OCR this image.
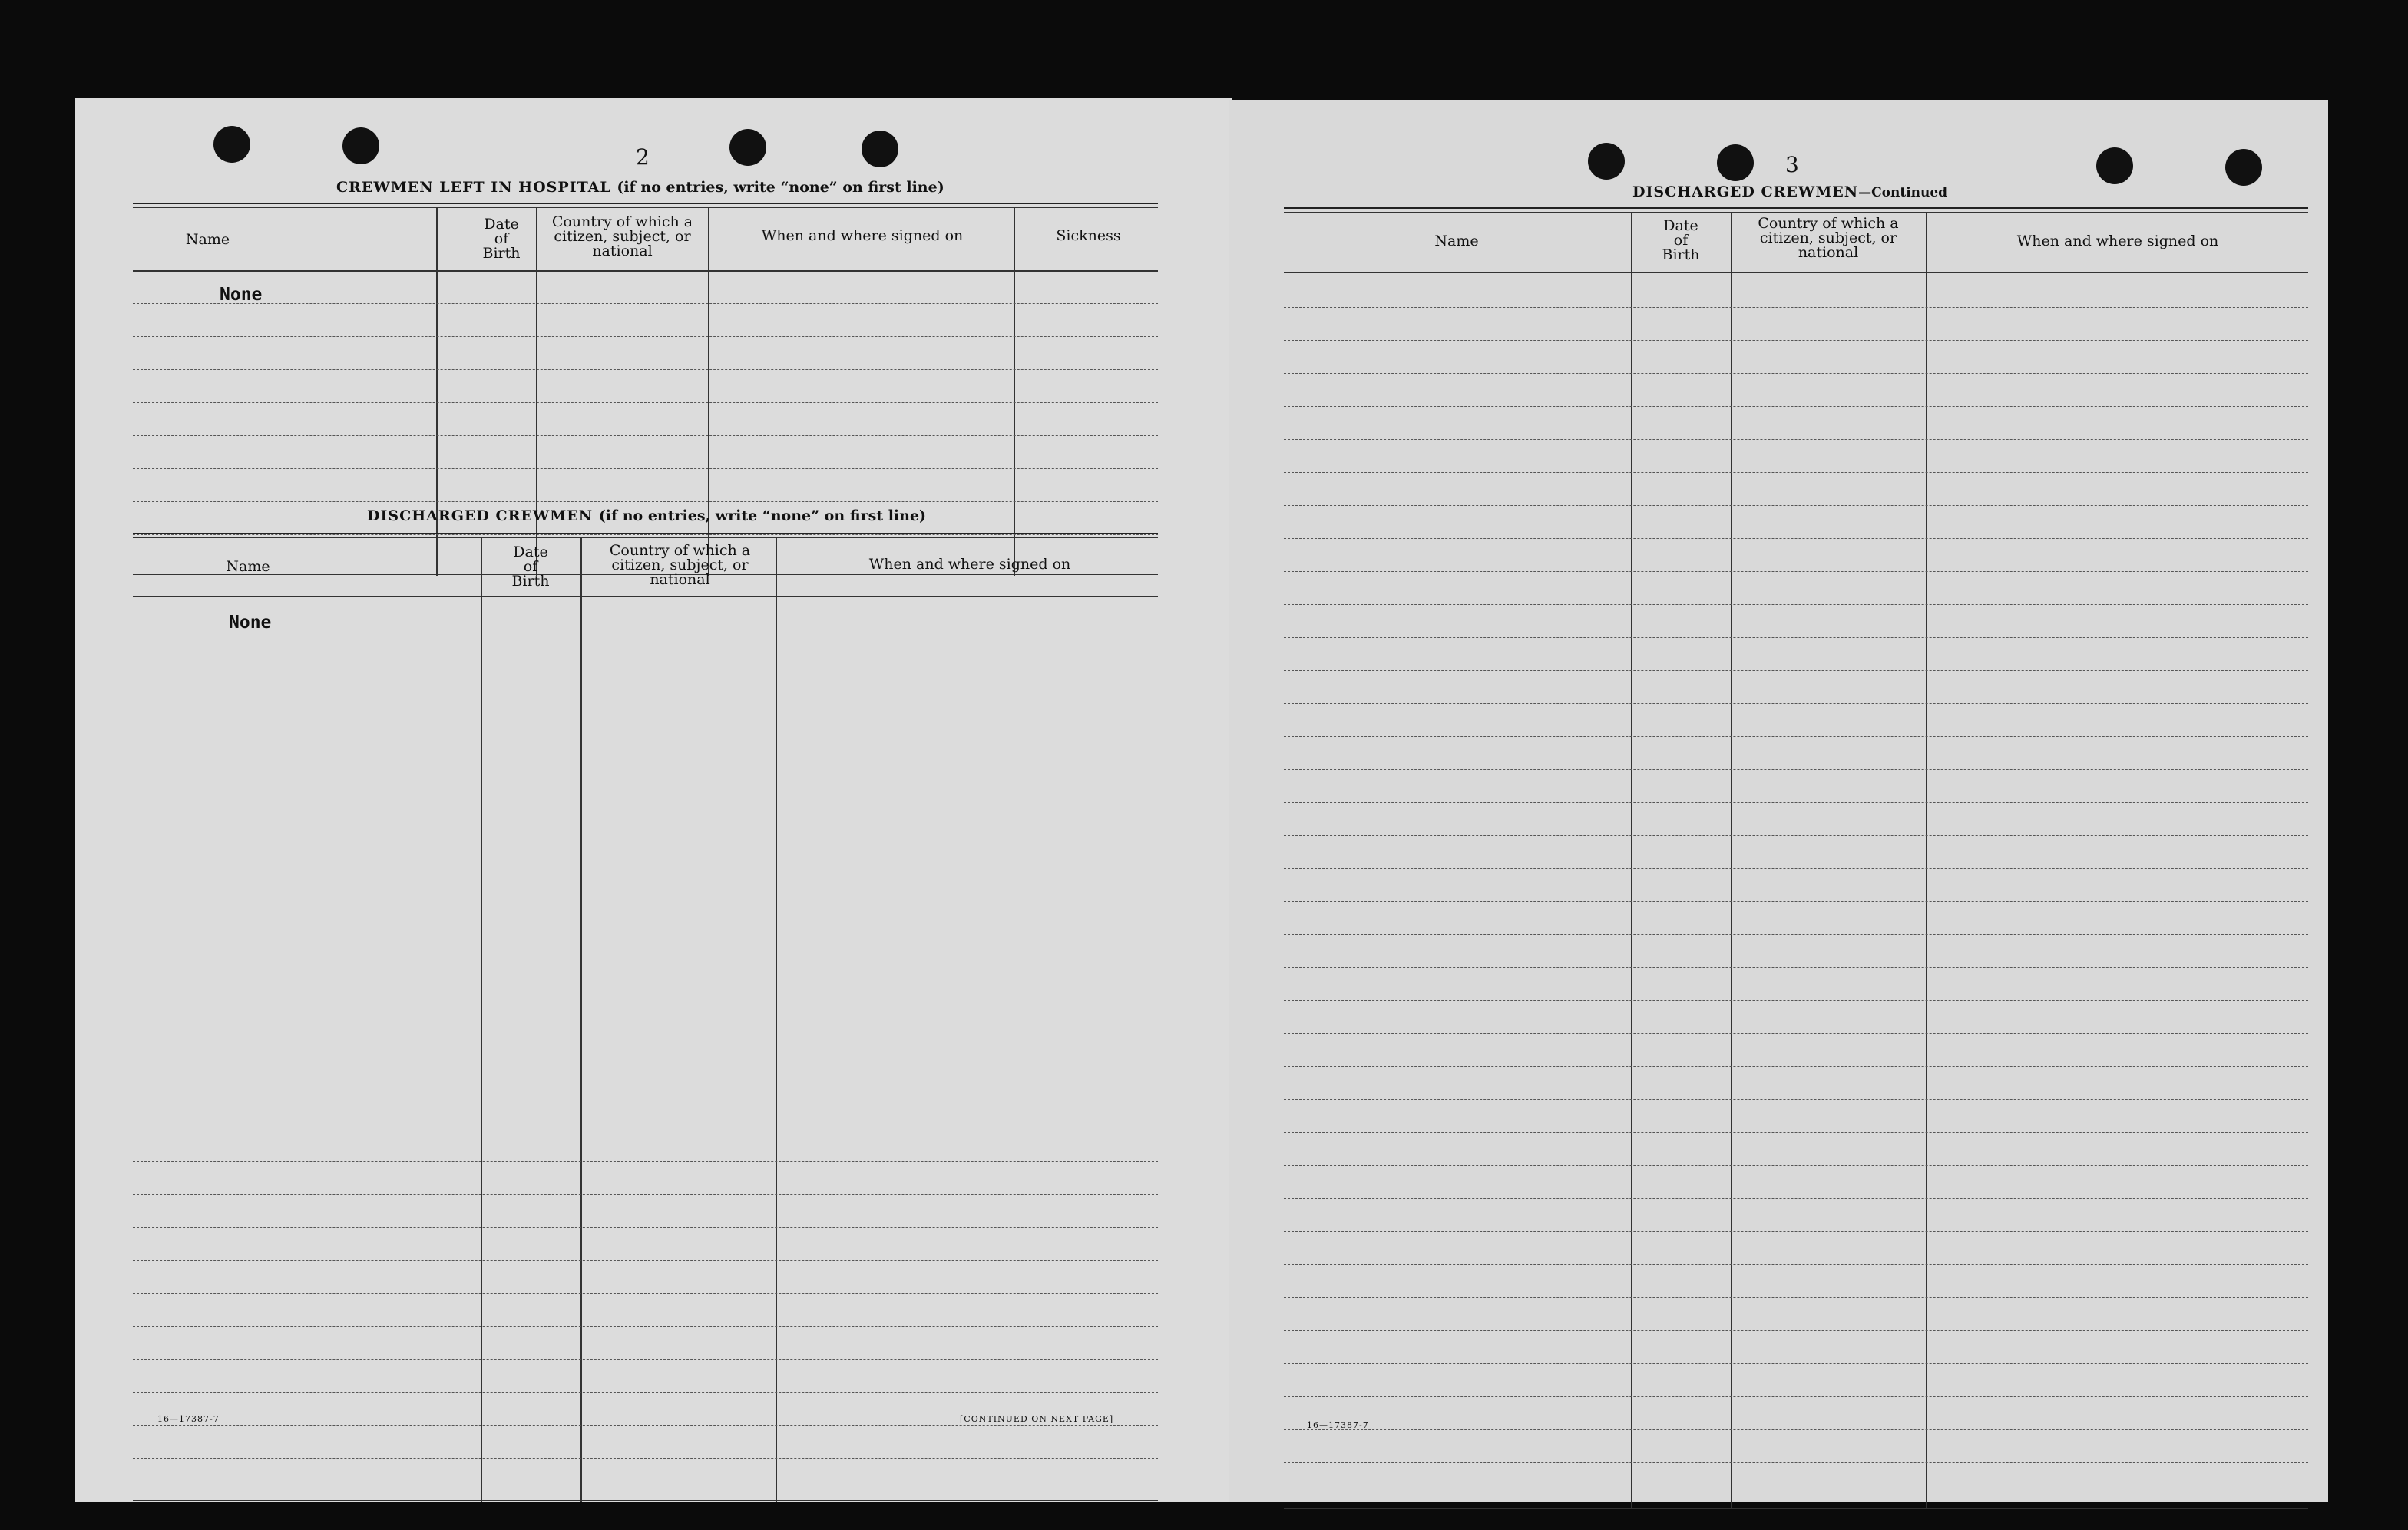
2
CREWMEN LEFT IN HOSPITAL (if no entries, write “none” on first line)
Name
Date of Birth
Country of which a citizen, subject, or national
When and where signed on	Sickness
None
DISCHARGED CREWMEN (if no entries, write “none” on first line)
Name
Date of Birth
Country of which a citizen, subject, or national
When and where signed on
None
16—17387-7	[CONTINUED ON NEXT PAGE]
3
DISCHARGED CREWMEN—Continued
Name
Date of Birth
Country of which a citizen, subject, or national
When and where signed on
16—17387-7
